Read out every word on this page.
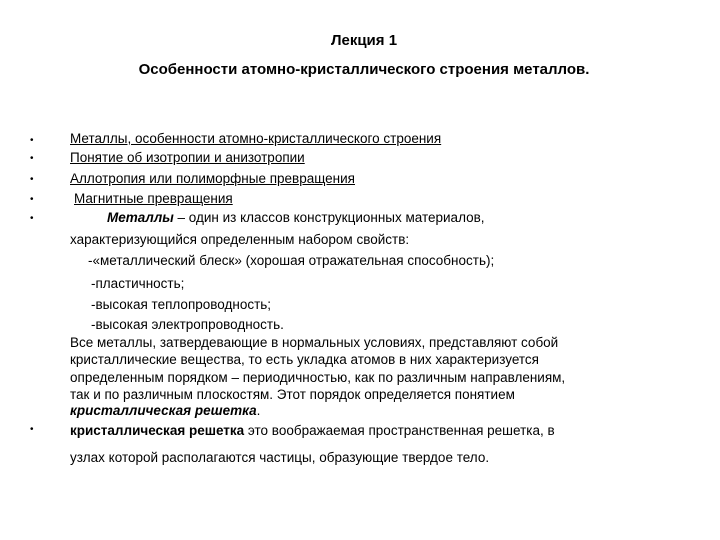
Лекция 1
Особенности атомно-кристаллического строения металлов.
•
•
•
•
•
•
Металлы, особенности атомно-кристаллического строения
Понятие об изотропии и анизотропии
Аллотропия или полиморфные превращения
Магнитные превращения
Металлы – один из классов конструкционных материалов,
характеризующийся определенным набором свойств:
-«металлический блеск» (хорошая отражательная способность);
-пластичность;
-высокая теплопроводность;
-высокая электропроводность.
Все металлы, затвердевающие в нормальных условиях, представляют собой
кристаллические вещества, то есть укладка атомов в них характеризуется
определенным порядком – периодичностью, как по различным направлениям,
так и по различным плоскостям. Этот порядок определяется понятием
кристаллическая решетка.
кристаллическая решетка это воображаемая пространственная решетка, в
узлах которой располагаются частицы, образующие твердое тело.
